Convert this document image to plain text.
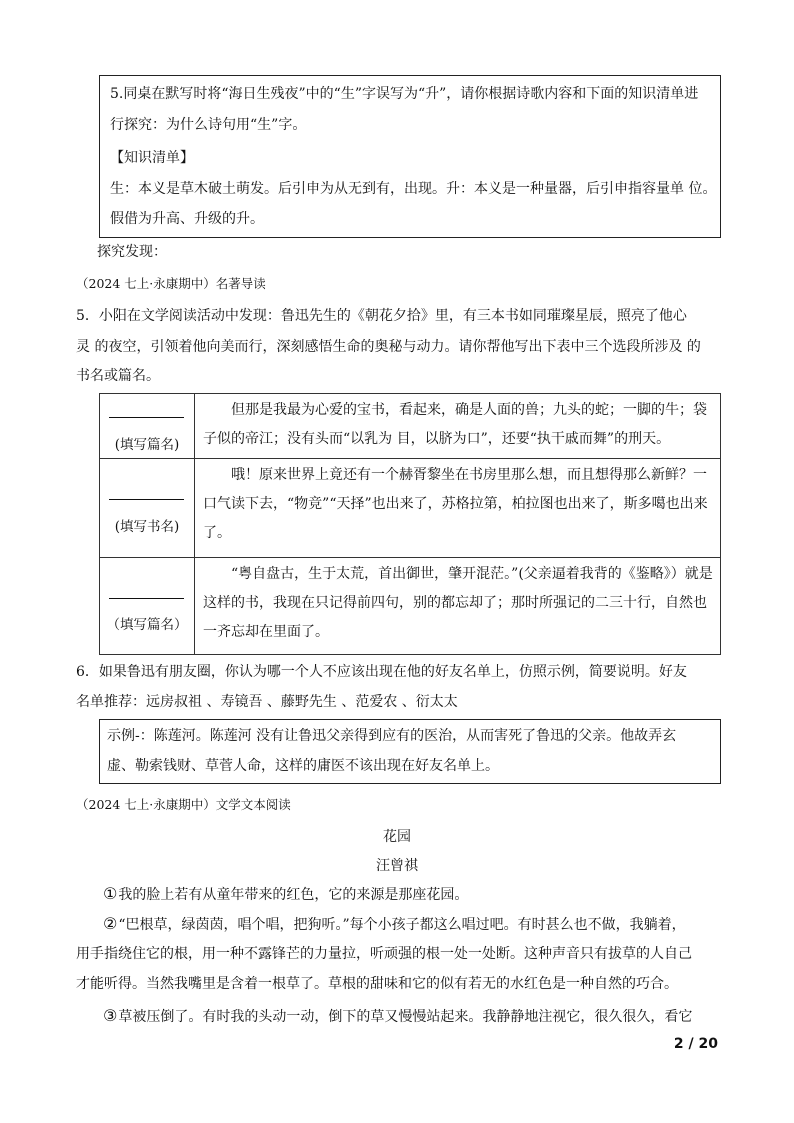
5.同桌在默写时将“海日生残夜”中的“生”字误写为“升”，请你根据诗歌内容和下面的知识清单进
行探究：为什么诗句用“生”字。
【知识清单】
生：本义是草木破土萌发。后引申为从无到有，出现。升：本义是一种量器，后引申指容量单 位。
假借为升高、升级的升。
探究发现：
（2024 七上·永康期中）名著导读
5．小阳在文学阅读活动中发现：鲁迅先生的《朝花夕拾》里，有三本书如同璀璨星辰，照亮了他心
灵 的夜空，引领着他向美而行，深刻感悟生命的奥秘与动力。请你帮他写出下表中三个选段所涉及 的
书名或篇名。
(填写篇名)	但那是我最为心爱的宝书，看起来，确是人面的兽；九头的蛇；一脚的牛；袋子似的帝江；没有头而“以乳为 目，以脐为口”，还要“执干戚而舞”的刑天。

(填写书名)	哦！原来世界上竟还有一个赫胥黎坐在书房里那么想，而且想得那么新鲜？一口气读下去，“物竞”“天择”也出来了，苏格拉第，柏拉图也出来了，斯多噶也出来了。

（填写篇名）	“粤自盘古，生于太荒，首出御世，肇开混茫。”(父亲逼着我背的《鉴略》）就是这样的书，我现在只记得前四句，别的都忘却了；那时所强记的二三十行，自然也一齐忘却在里面了。
6．如果鲁迅有朋友圈，你认为哪一个人不应该出现在他的好友名单上，仿照示例，简要说明。好友
名单推荐：远房叔祖 、寿镜吾 、藤野先生 、范爱农 、衍太太
示例-：陈莲河。陈莲河 没有让鲁迅父亲得到应有的医治，从而害死了鲁迅的父亲。他故弄玄
虚、勒索钱财、草菅人命，这样的庸医不该出现在好友名单上。
（2024 七上·永康期中）文学文本阅读
花园
汪曾祺
①我的脸上若有从童年带来的红色，它的来源是那座花园。
②“巴根草，绿茵茵，唱个唱，把狗听。”每个小孩子都这么唱过吧。有时甚么也不做，我躺着，
用手指绕住它的根，用一种不露锋芒的力量拉，听顽强的根一处一处断。这种声音只有拔草的人自己
才能听得。当然我嘴里是含着一根草了。草根的甜味和它的似有若无的水红色是一种自然的巧合。
③草被压倒了。有时我的头动一动，倒下的草又慢慢站起来。我静静地注视它，很久很久，看它
2 / 20
